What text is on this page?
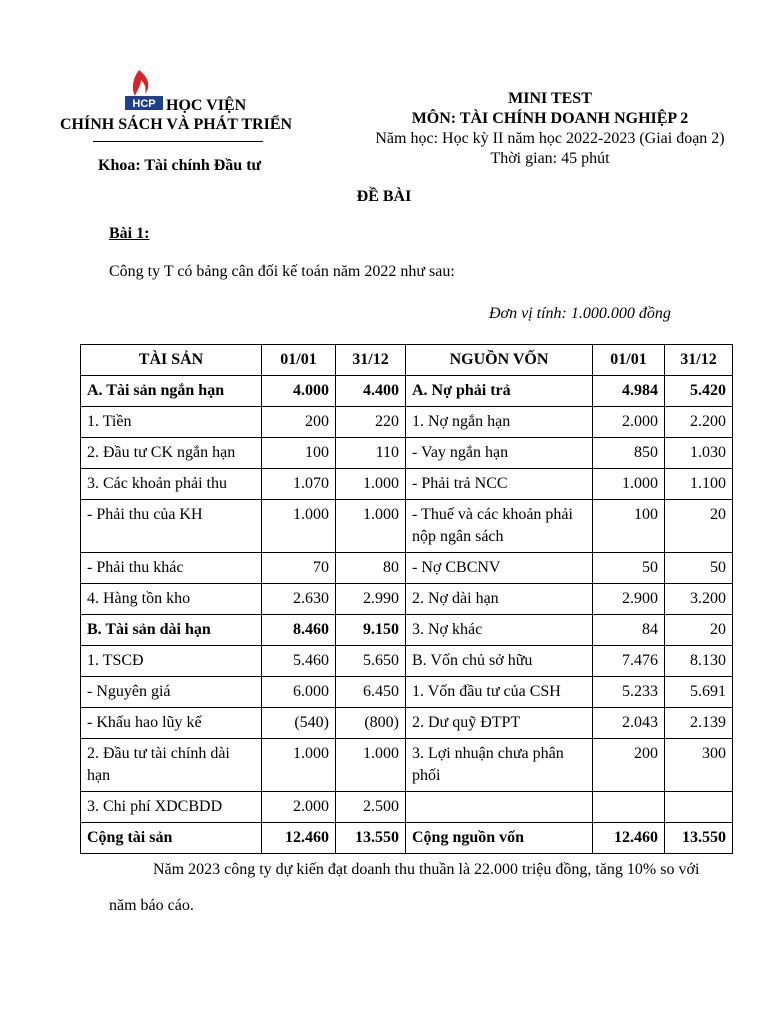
HCP HỌC VIỆN
CHÍNH SÁCH VÀ PHÁT TRIỂN
Khoa: Tài chính Đầu tư
MINI TEST
MÔN: TÀI CHÍNH DOANH NGHIỆP 2
Năm học: Học kỳ II năm học 2022-2023 (Giai đoạn 2)
Thời gian: 45 phút
ĐỀ BÀI
Bài 1:
Công ty T có bảng cân đối kế toán năm 2022 như sau:
Đơn vị tính: 1.000.000 đồng
TÀI SẢN	01/01	31/12	NGUỒN VỐN	01/01	31/12
A. Tài sản ngắn hạn	4.000	4.400	A. Nợ phải trả	4.984	5.420
1. Tiền	200	220	1. Nợ ngắn hạn	2.000	2.200
2. Đầu tư CK ngắn hạn	100	110	- Vay ngắn hạn	850	1.030
3. Các khoản phải thu	1.070	1.000	- Phải trả NCC	1.000	1.100
- Phải thu của KH	1.000	1.000	- Thuế và các khoản phải nộp ngân sách	100	20
- Phải thu khác	70	80	- Nợ CBCNV	50	50
4. Hàng tồn kho	2.630	2.990	2. Nợ dài hạn	2.900	3.200
B. Tài sản dài hạn	8.460	9.150	3. Nợ khác	84	20
1. TSCĐ	5.460	5.650	B. Vốn chủ sở hữu	7.476	8.130
- Nguyên giá	6.000	6.450	1. Vốn đầu tư của CSH	5.233	5.691
- Khấu hao lũy kế	(540)	(800)	2. Dư quỹ ĐTPT	2.043	2.139
2. Đầu tư tài chính dài hạn	1.000	1.000	3. Lợi nhuận chưa phân phối	200	300
3. Chi phí XDCBDD	2.000	2.500			
Cộng tài sản	12.460	13.550	Cộng nguồn vốn	12.460	13.550
Năm 2023 công ty dự kiến đạt doanh thu thuần là 22.000 triệu đồng, tăng 10% so với năm báo cáo.
